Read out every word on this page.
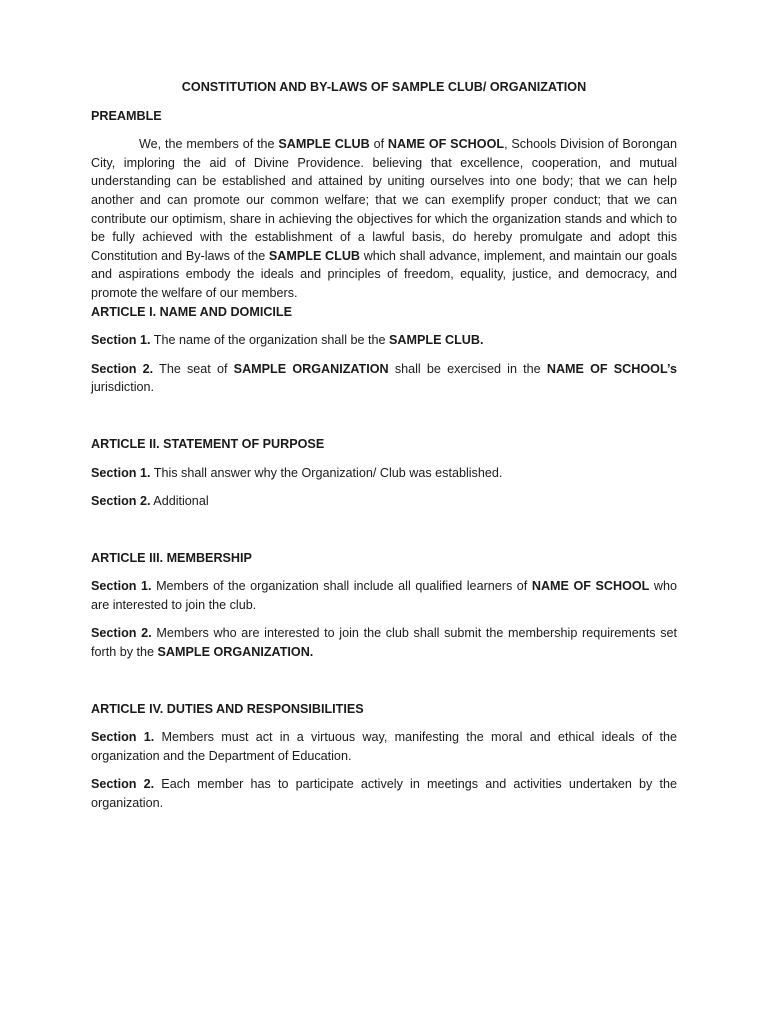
CONSTITUTION AND BY-LAWS OF SAMPLE CLUB/ ORGANIZATION
PREAMBLE

We, the members of the SAMPLE CLUB of NAME OF SCHOOL, Schools Division of Borongan City, imploring the aid of Divine Providence. believing that excellence, cooperation, and mutual understanding can be established and attained by uniting ourselves into one body; that we can help another and can promote our common welfare; that we can exemplify proper conduct; that we can contribute our optimism, share in achieving the objectives for which the organization stands and which to be fully achieved with the establishment of a lawful basis, do hereby promulgate and adopt this Constitution and By-laws of the SAMPLE CLUB which shall advance, implement, and maintain our goals and aspirations embody the ideals and principles of freedom, equality, justice, and democracy, and promote the welfare of our members.

ARTICLE I. NAME AND DOMICILE

Section 1. The name of the organization shall be the SAMPLE CLUB.

Section 2. The seat of SAMPLE ORGANIZATION shall be exercised in the NAME OF SCHOOL’s jurisdiction.

ARTICLE II. STATEMENT OF PURPOSE

Section 1. This shall answer why the Organization/ Club was established.

Section 2. Additional

ARTICLE III. MEMBERSHIP

Section 1. Members of the organization shall include all qualified learners of NAME OF SCHOOL who are interested to join the club.

Section 2. Members who are interested to join the club shall submit the membership requirements set forth by the SAMPLE ORGANIZATION.

ARTICLE IV. DUTIES AND RESPONSIBILITIES

Section 1. Members must act in a virtuous way, manifesting the moral and ethical ideals of the organization and the Department of Education.

Section 2. Each member has to participate actively in meetings and activities undertaken by the organization.
